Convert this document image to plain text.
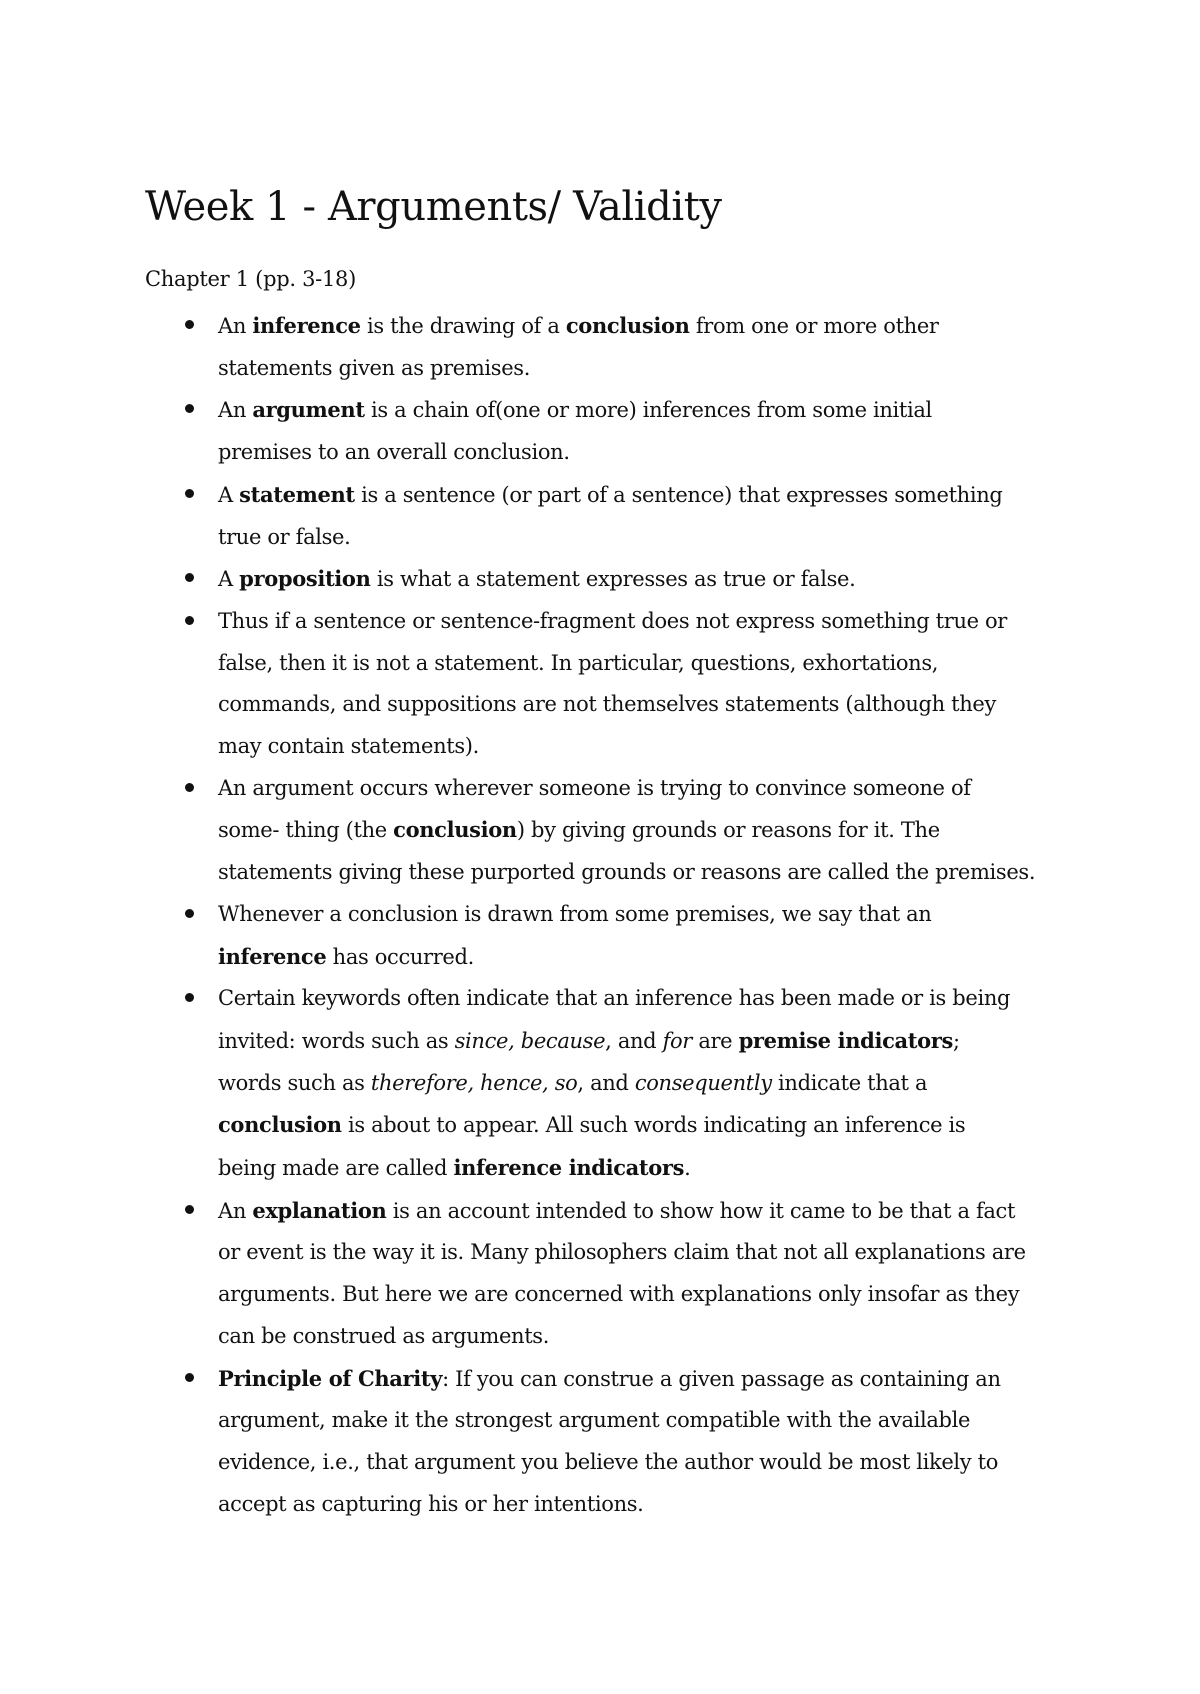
Week 1 - Arguments/ Validity

Chapter 1 (pp. 3-18)

An inference is the drawing of a conclusion from one or more other
statements given as premises.
An argument is a chain of(one or more) inferences from some initial
premises to an overall conclusion.
A statement is a sentence (or part of a sentence) that expresses something
true or false.
A proposition is what a statement expresses as true or false.
Thus if a sentence or sentence-fragment does not express something true or
false, then it is not a statement. In particular, questions, exhortations,
commands, and suppositions are not themselves statements (although they
may contain statements).
An argument occurs wherever someone is trying to convince someone of
some- thing (the conclusion) by giving grounds or reasons for it. The
statements giving these purported grounds or reasons are called the premises.
Whenever a conclusion is drawn from some premises, we say that an
inference has occurred.
Certain keywords often indicate that an inference has been made or is being
invited: words such as since, because, and for are premise indicators;
words such as therefore, hence, so, and consequently indicate that a
conclusion is about to appear. All such words indicating an inference is
being made are called inference indicators.
An explanation is an account intended to show how it came to be that a fact
or event is the way it is. Many philosophers claim that not all explanations are
arguments. But here we are concerned with explanations only insofar as they
can be construed as arguments.
Principle of Charity: If you can construe a given passage as containing an
argument, make it the strongest argument compatible with the available
evidence, i.e., that argument you believe the author would be most likely to
accept as capturing his or her intentions.
